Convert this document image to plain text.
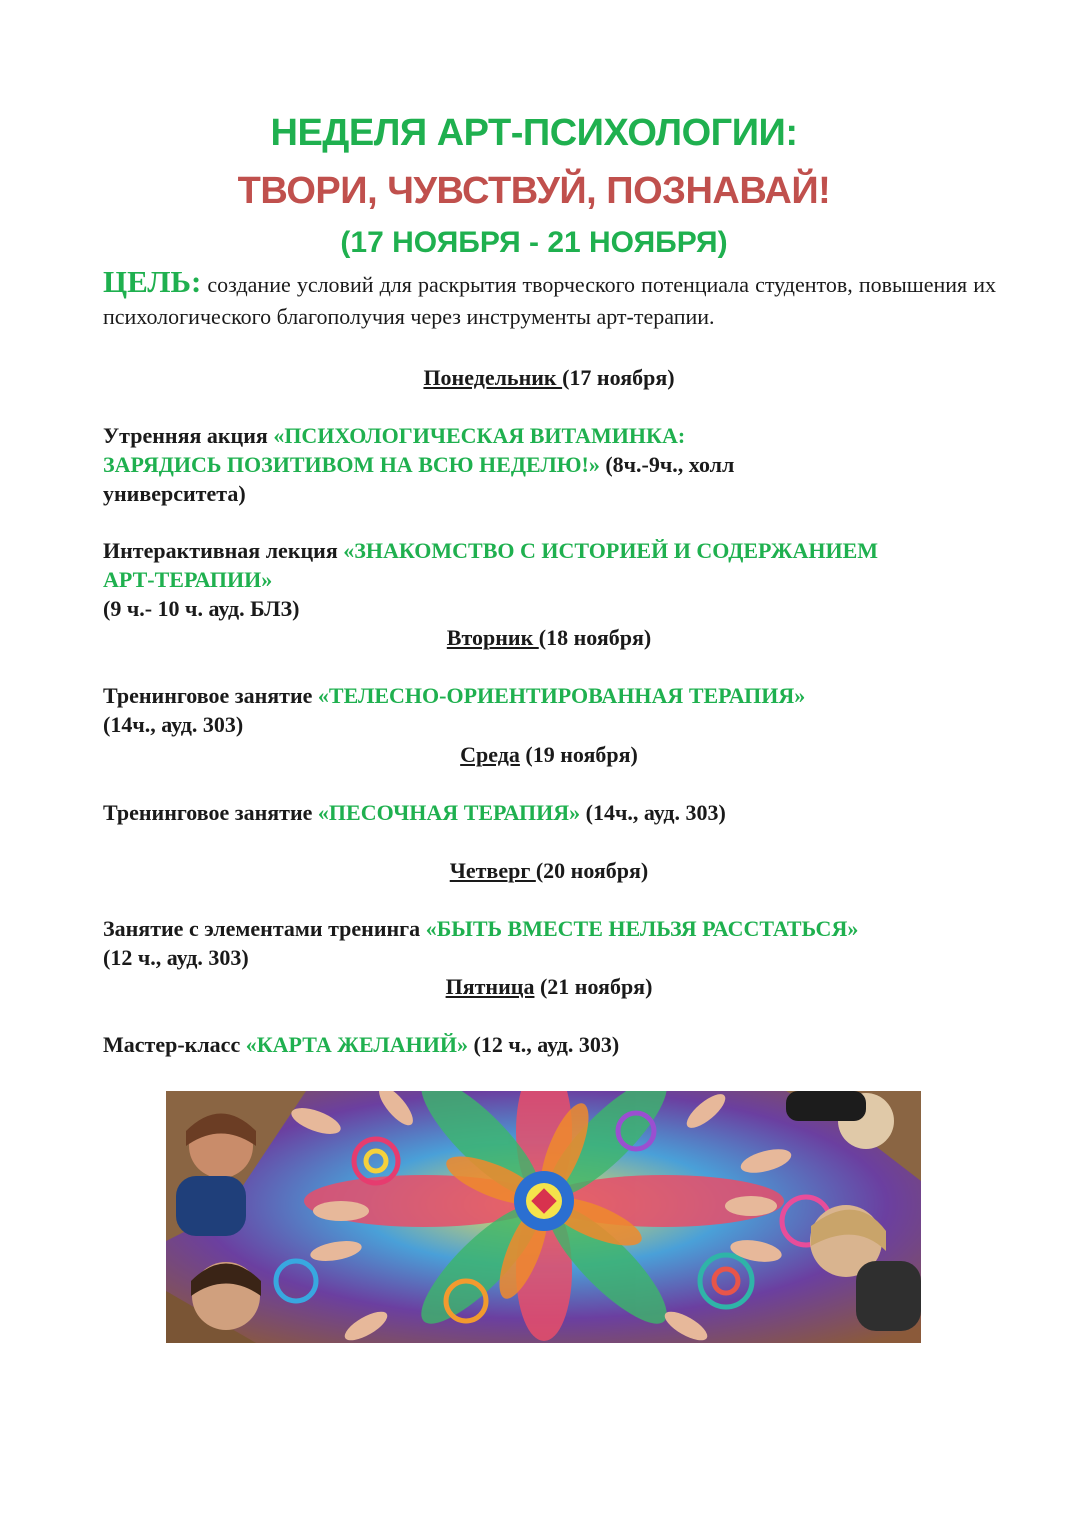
НЕДЕЛЯ АРТ-ПСИХОЛОГИИ:
ТВОРИ, ЧУВСТВУЙ, ПОЗНАВАЙ!
(17 НОЯБРЯ - 21 НОЯБРЯ)
ЦЕЛЬ: создание условий для раскрытия творческого потенциала студентов, повышения их психологического благополучия через инструменты арт-терапии.
Понедельник (17 ноября)
Утренняя акция «ПСИХОЛОГИЧЕСКАЯ ВИТАМИНКА:
ЗАРЯДИСЬ ПОЗИТИВОМ НА ВСЮ НЕДЕЛЮ!» (8ч.-9ч., холл
университета)
Интерактивная лекция «ЗНАКОМСТВО С ИСТОРИЕЙ И СОДЕРЖАНИЕМ
АРТ-ТЕРАПИИ»
(9 ч.- 10 ч. ауд. БЛЗ)
Вторник (18 ноября)
Тренинговое занятие «ТЕЛЕСНО-ОРИЕНТИРОВАННАЯ ТЕРАПИЯ»
(14ч., ауд. 303)
Среда (19 ноября)
Тренинговое занятие «ПЕСОЧНАЯ ТЕРАПИЯ» (14ч., ауд. 303)
Четверг (20 ноября)
Занятие с элементами тренинга «БЫТЬ ВМЕСТЕ НЕЛЬЗЯ РАССТАТЬСЯ»
(12 ч., ауд. 303)
Пятница (21 ноября)
Мастер-класс «КАРТА ЖЕЛАНИЙ» (12 ч., ауд. 303)
